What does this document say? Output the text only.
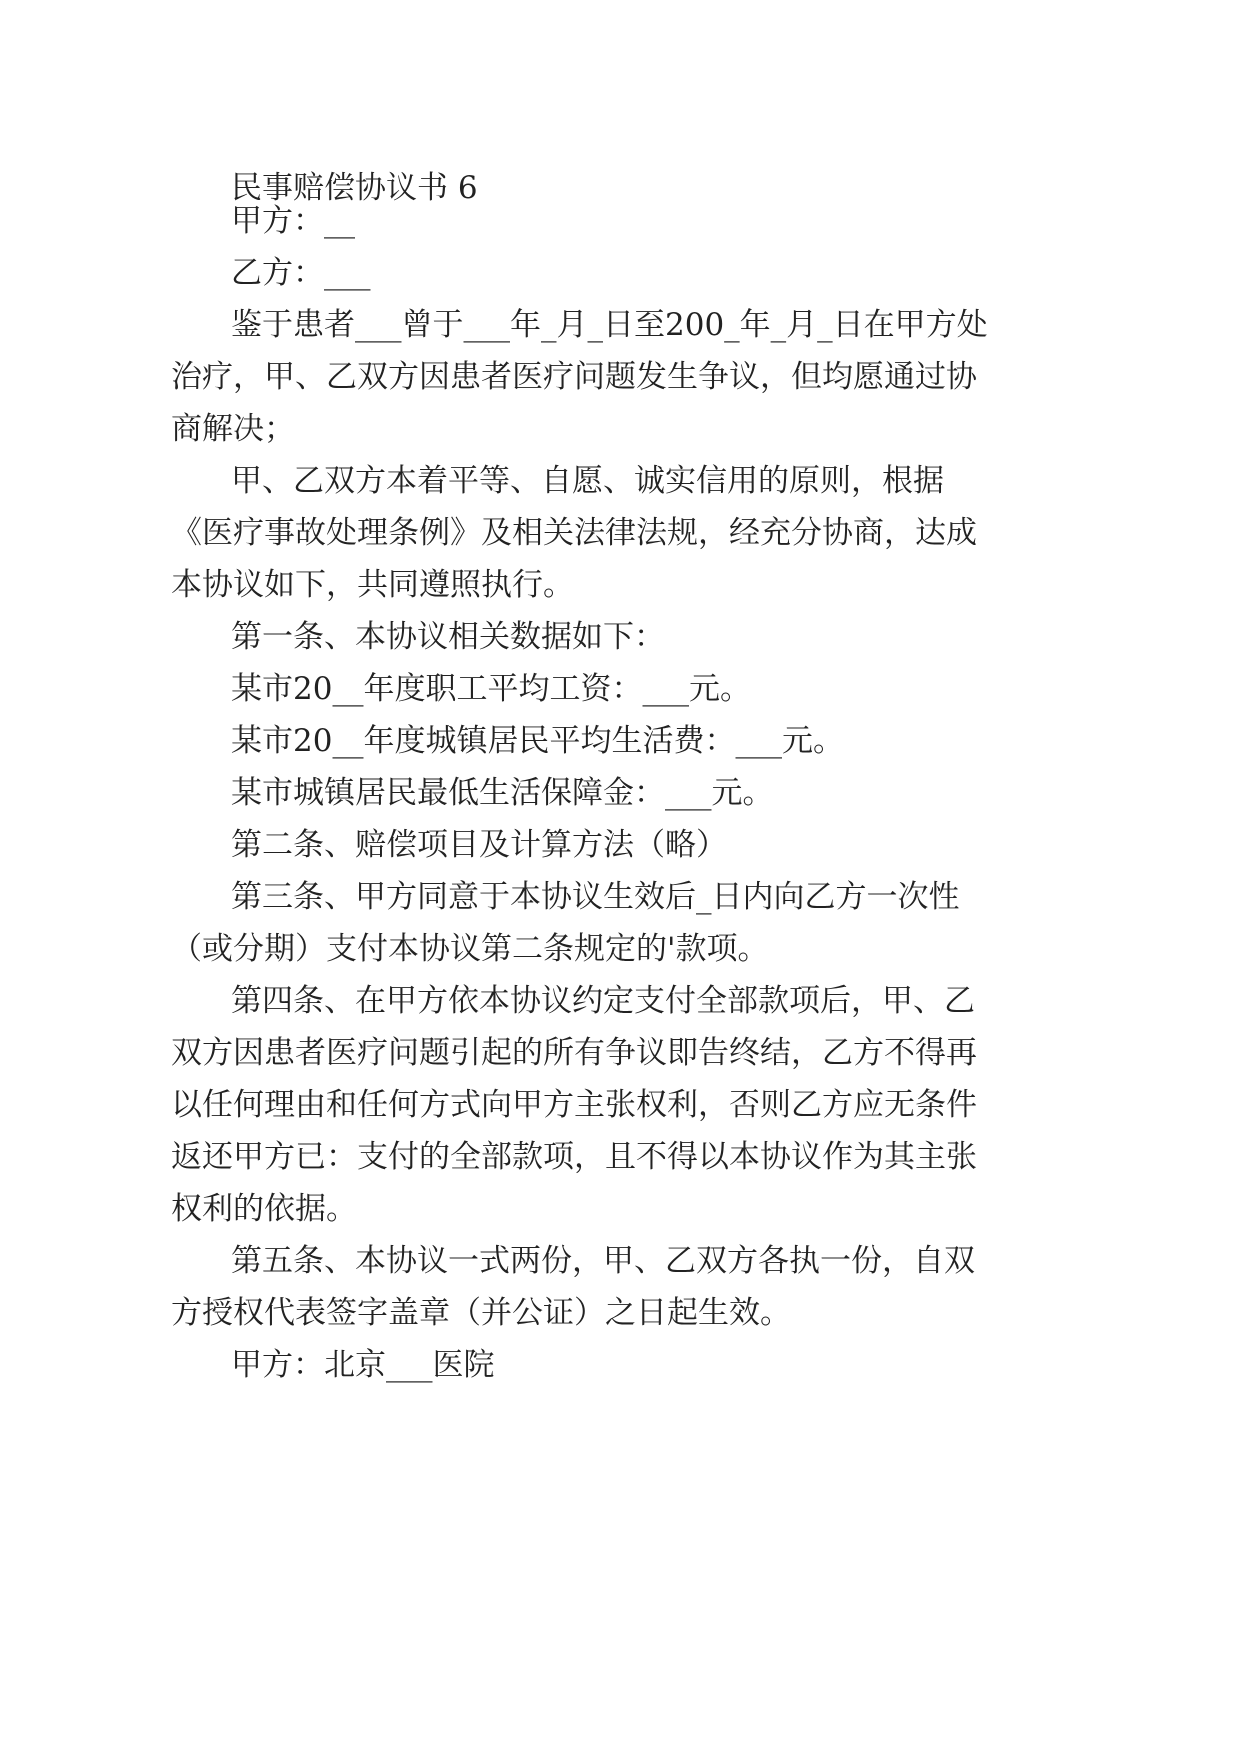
民事赔偿协议书 6
甲方：__
乙方：___
鉴于患者___曾于___年_月_日至200_年_月_日在甲方处
治疗，甲、乙双方因患者医疗问题发生争议，但均愿通过协
商解决；
甲、乙双方本着平等、自愿、诚实信用的原则，根据
《医疗事故处理条例》及相关法律法规，经充分协商，达成
本协议如下，共同遵照执行。
第一条、本协议相关数据如下：
某市20__年度职工平均工资：___元。
某市20__年度城镇居民平均生活费：___元。
某市城镇居民最低生活保障金：___元。
第二条、赔偿项目及计算方法（略）
第三条、甲方同意于本协议生效后_日内向乙方一次性
（或分期）支付本协议第二条规定的'款项。
第四条、在甲方依本协议约定支付全部款项后，甲、乙
双方因患者医疗问题引起的所有争议即告终结，乙方不得再
以任何理由和任何方式向甲方主张权利，否则乙方应无条件
返还甲方已：支付的全部款项，且不得以本协议作为其主张
权利的依据。
第五条、本协议一式两份，甲、乙双方各执一份，自双
方授权代表签字盖章（并公证）之日起生效。
甲方：北京___医院
